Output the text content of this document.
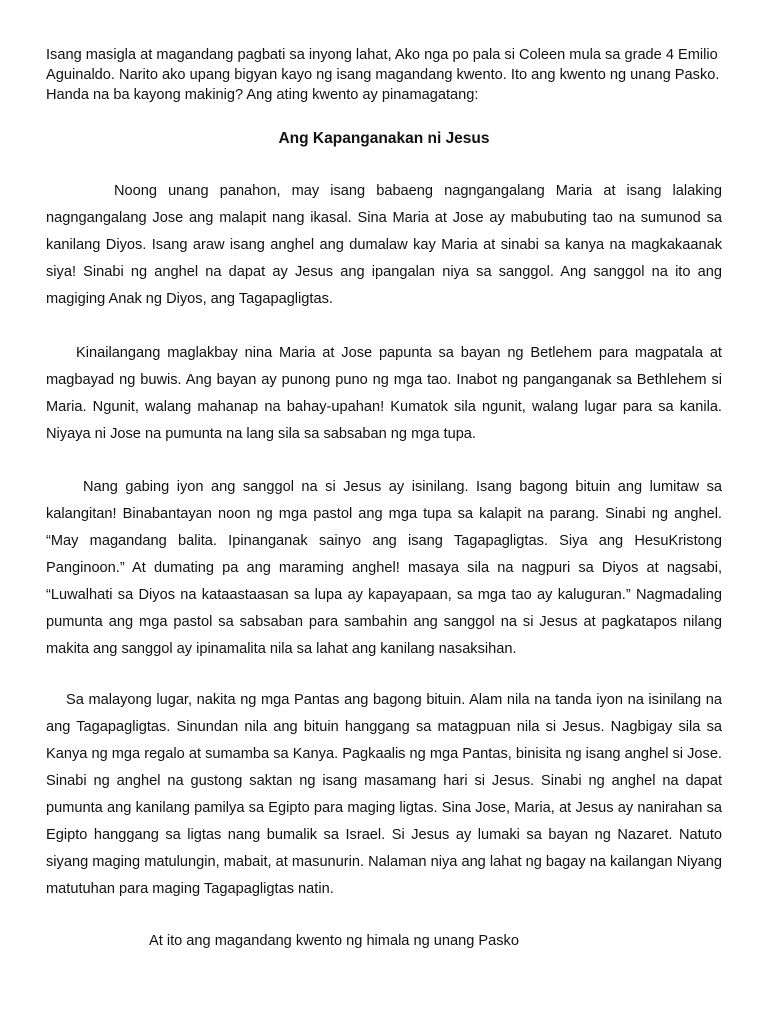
Isang masigla at magandang pagbati sa inyong lahat, Ako nga po pala si Coleen mula sa grade 4 Emilio Aguinaldo. Narito ako upang bigyan kayo ng isang magandang kwento. Ito ang kwento ng unang Pasko. Handa na ba kayong makinig? Ang ating kwento ay pinamagatang:

Ang Kapanganakan ni Jesus

Noong unang panahon, may isang babaeng nagngangalang Maria at isang lalaking nagngangalang Jose ang malapit nang ikasal. Sina Maria at Jose ay mabubuting tao na sumunod sa kanilang Diyos. Isang araw isang anghel ang dumalaw kay Maria at sinabi sa kanya na magkakaanak siya! Sinabi ng anghel na dapat ay Jesus ang ipangalan niya sa sanggol. Ang sanggol na ito ang magiging Anak ng Diyos, ang Tagapagligtas.

Kinailangang maglakbay nina Maria at Jose papunta sa bayan ng Betlehem para magpatala at magbayad ng buwis. Ang bayan ay punong puno ng mga tao. Inabot ng panganganak sa Bethlehem si Maria. Ngunit, walang mahanap na bahay-upahan! Kumatok sila ngunit, walang lugar para sa kanila. Niyaya ni Jose na pumunta na lang sila sa sabsaban ng mga tupa.

Nang gabing iyon ang sanggol na si Jesus ay isinilang. Isang bagong bituin ang lumitaw sa kalangitan! Binabantayan noon ng mga pastol ang mga tupa sa kalapit na parang. Sinabi ng anghel. “May magandang balita. Ipinanganak sainyo ang isang Tagapagligtas. Siya ang HesuKristong Panginoon.” At dumating pa ang maraming anghel! masaya sila na nagpuri sa Diyos at nagsabi, “Luwalhati sa Diyos na kataastaasan sa lupa ay kapayapaan, sa mga tao ay kaluguran.” Nagmadaling pumunta ang mga pastol sa sabsaban para sambahin ang sanggol na si Jesus at pagkatapos nilang makita ang sanggol ay ipinamalita nila sa lahat ang kanilang nasaksihan.

Sa malayong lugar, nakita ng mga Pantas ang bagong bituin. Alam nila na tanda iyon na isinilang na ang Tagapagligtas. Sinundan nila ang bituin hanggang sa matagpuan nila si Jesus. Nagbigay sila sa Kanya ng mga regalo at sumamba sa Kanya. Pagkaalis ng mga Pantas, binisita ng isang anghel si Jose. Sinabi ng anghel na gustong saktan ng isang masamang hari si Jesus. Sinabi ng anghel na dapat pumunta ang kanilang pamilya sa Egipto para maging ligtas. Sina Jose, Maria, at Jesus ay nanirahan sa Egipto hanggang sa ligtas nang bumalik sa Israel. Si Jesus ay lumaki sa bayan ng Nazaret. Natuto siyang maging matulungin, mabait, at masunurin. Nalaman niya ang lahat ng bagay na kailangan Niyang matutuhan para maging Tagapagligtas natin.

At ito ang magandang kwento ng himala ng unang Pasko
